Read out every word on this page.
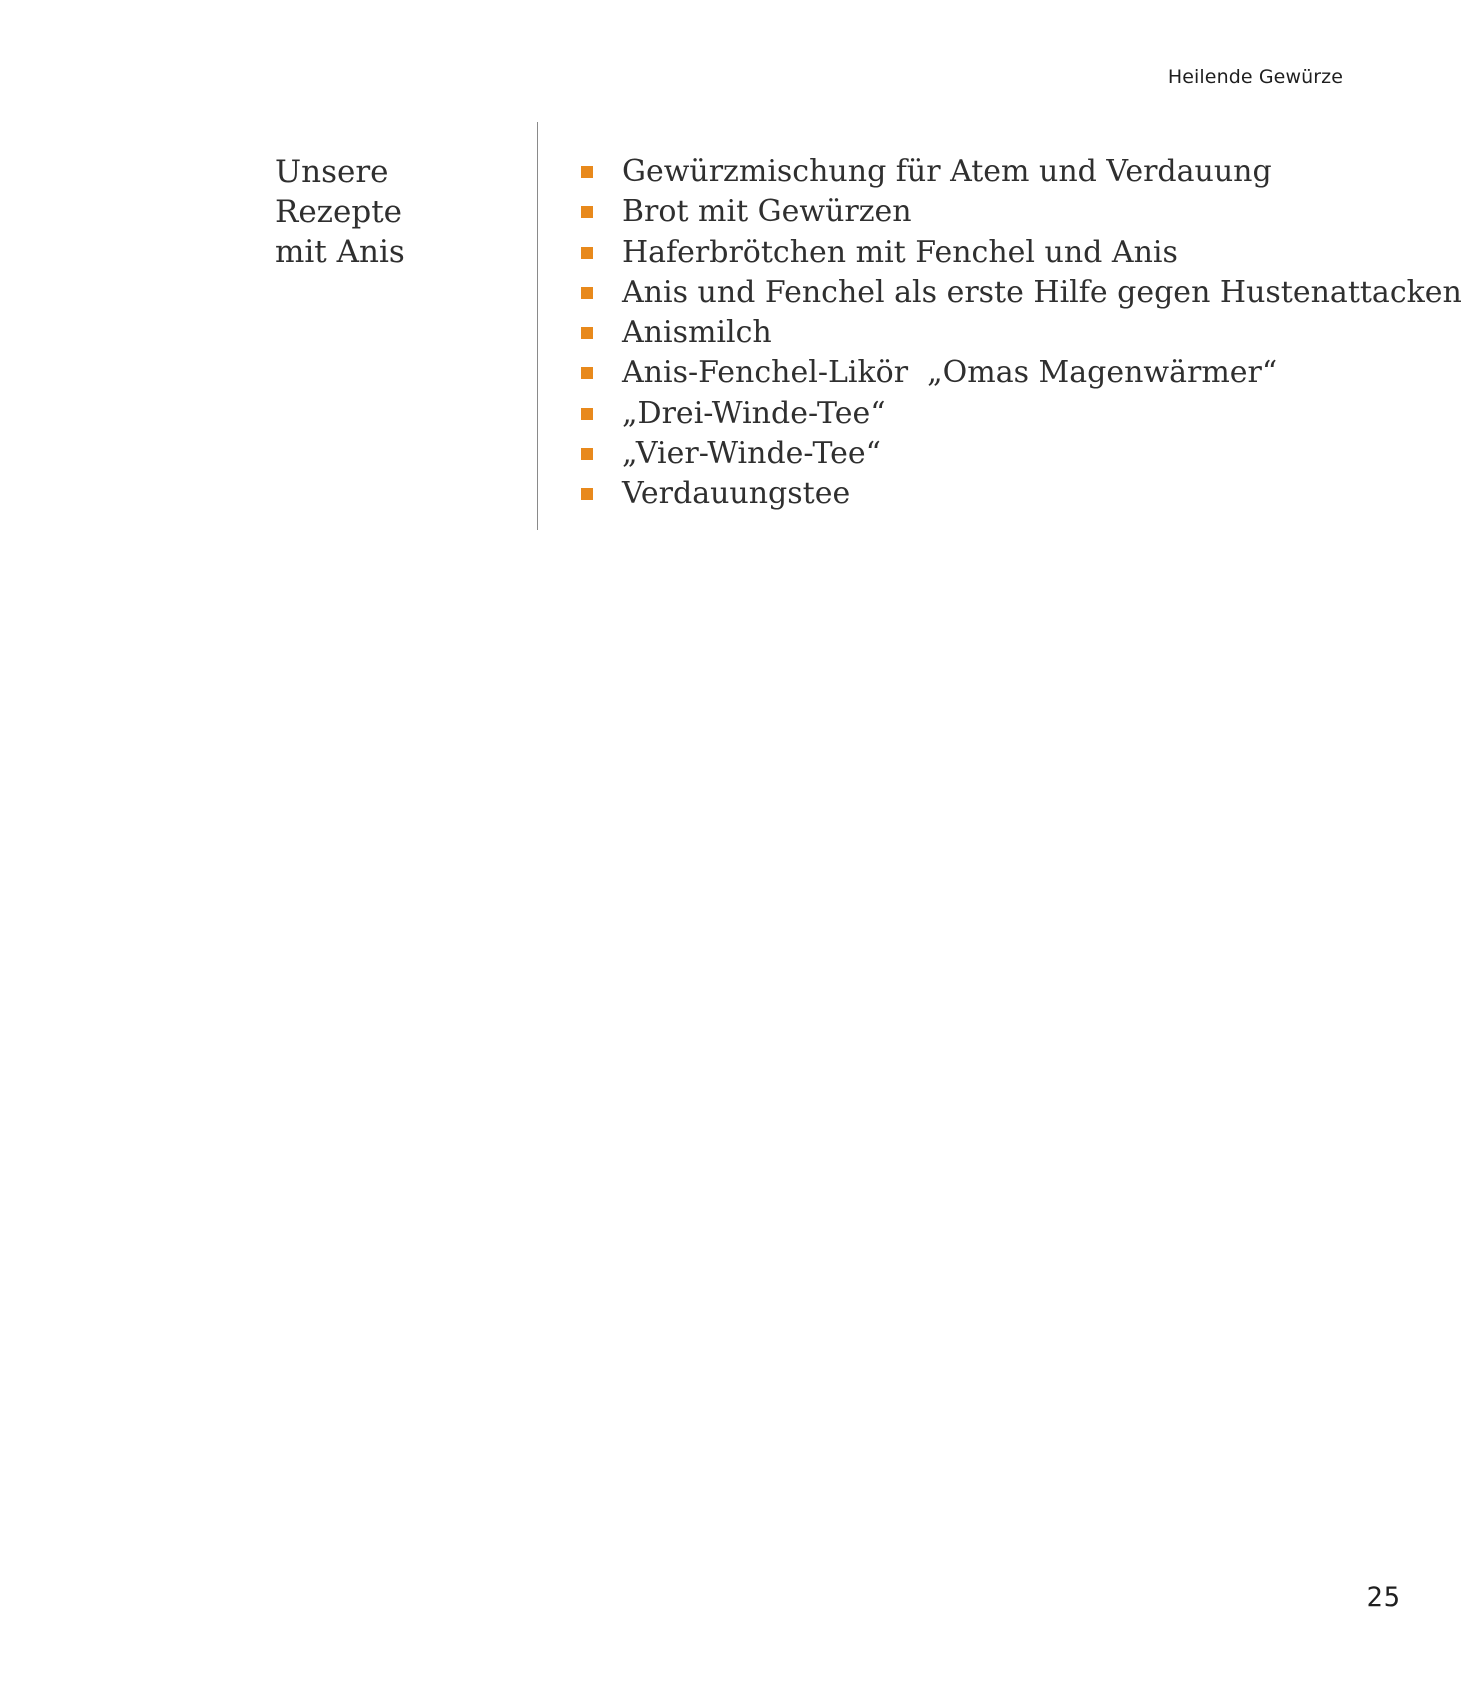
Heilende Gewürze
Unsere Rezepte
mit Anis
Gewürzmischung für Atem und Verdauung
Brot mit Gewürzen
Haferbrötchen mit Fenchel und Anis
Anis und Fenchel als erste Hilfe gegen Hustenattacken
Anismilch
Anis-Fenchel-Likör  „Omas Magenwärmer“
„Drei-Winde-Tee“
„Vier-Winde-Tee“
Verdauungstee
25
